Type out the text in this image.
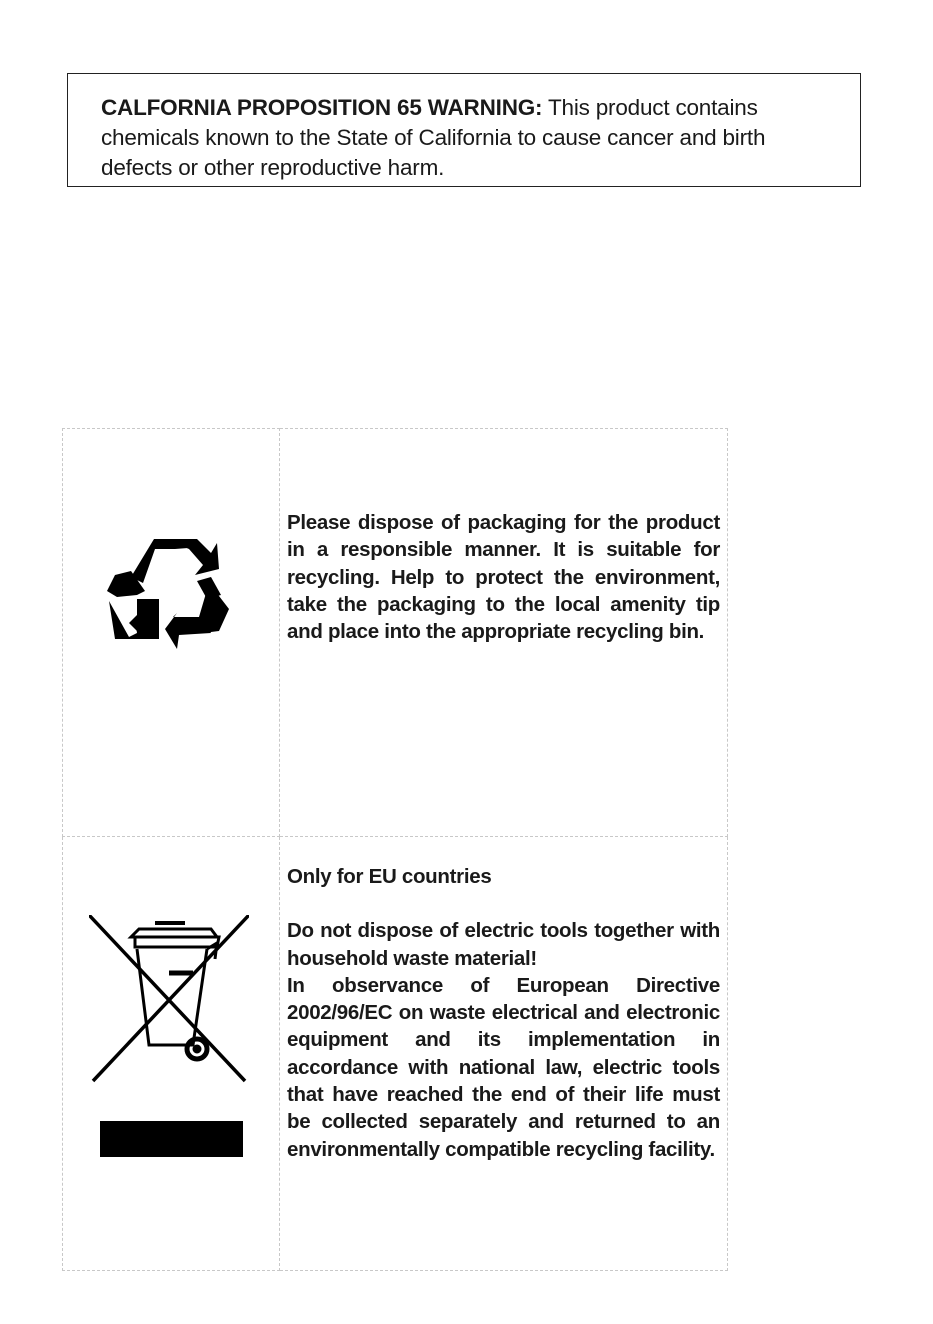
CALFORNIA PROPOSITION 65 WARNING: This product contains chemicals known to the State of California to cause cancer and birth defects or other reproductive harm.

Please dispose of packaging for the product in a responsible manner. It is suitable for recycling. Help to protect the environment, take the packaging to the local amenity tip and place into the appropriate recycling bin.

Only for EU countries

Do not dispose of electric tools together with household waste material!

In observance of European Directive 2002/96/EC on waste electrical and electronic equipment and its implementation in accordance with national law, electric tools that have reached the end of their life must be collected separately and returned to an environmentally compatible recycling facility.
